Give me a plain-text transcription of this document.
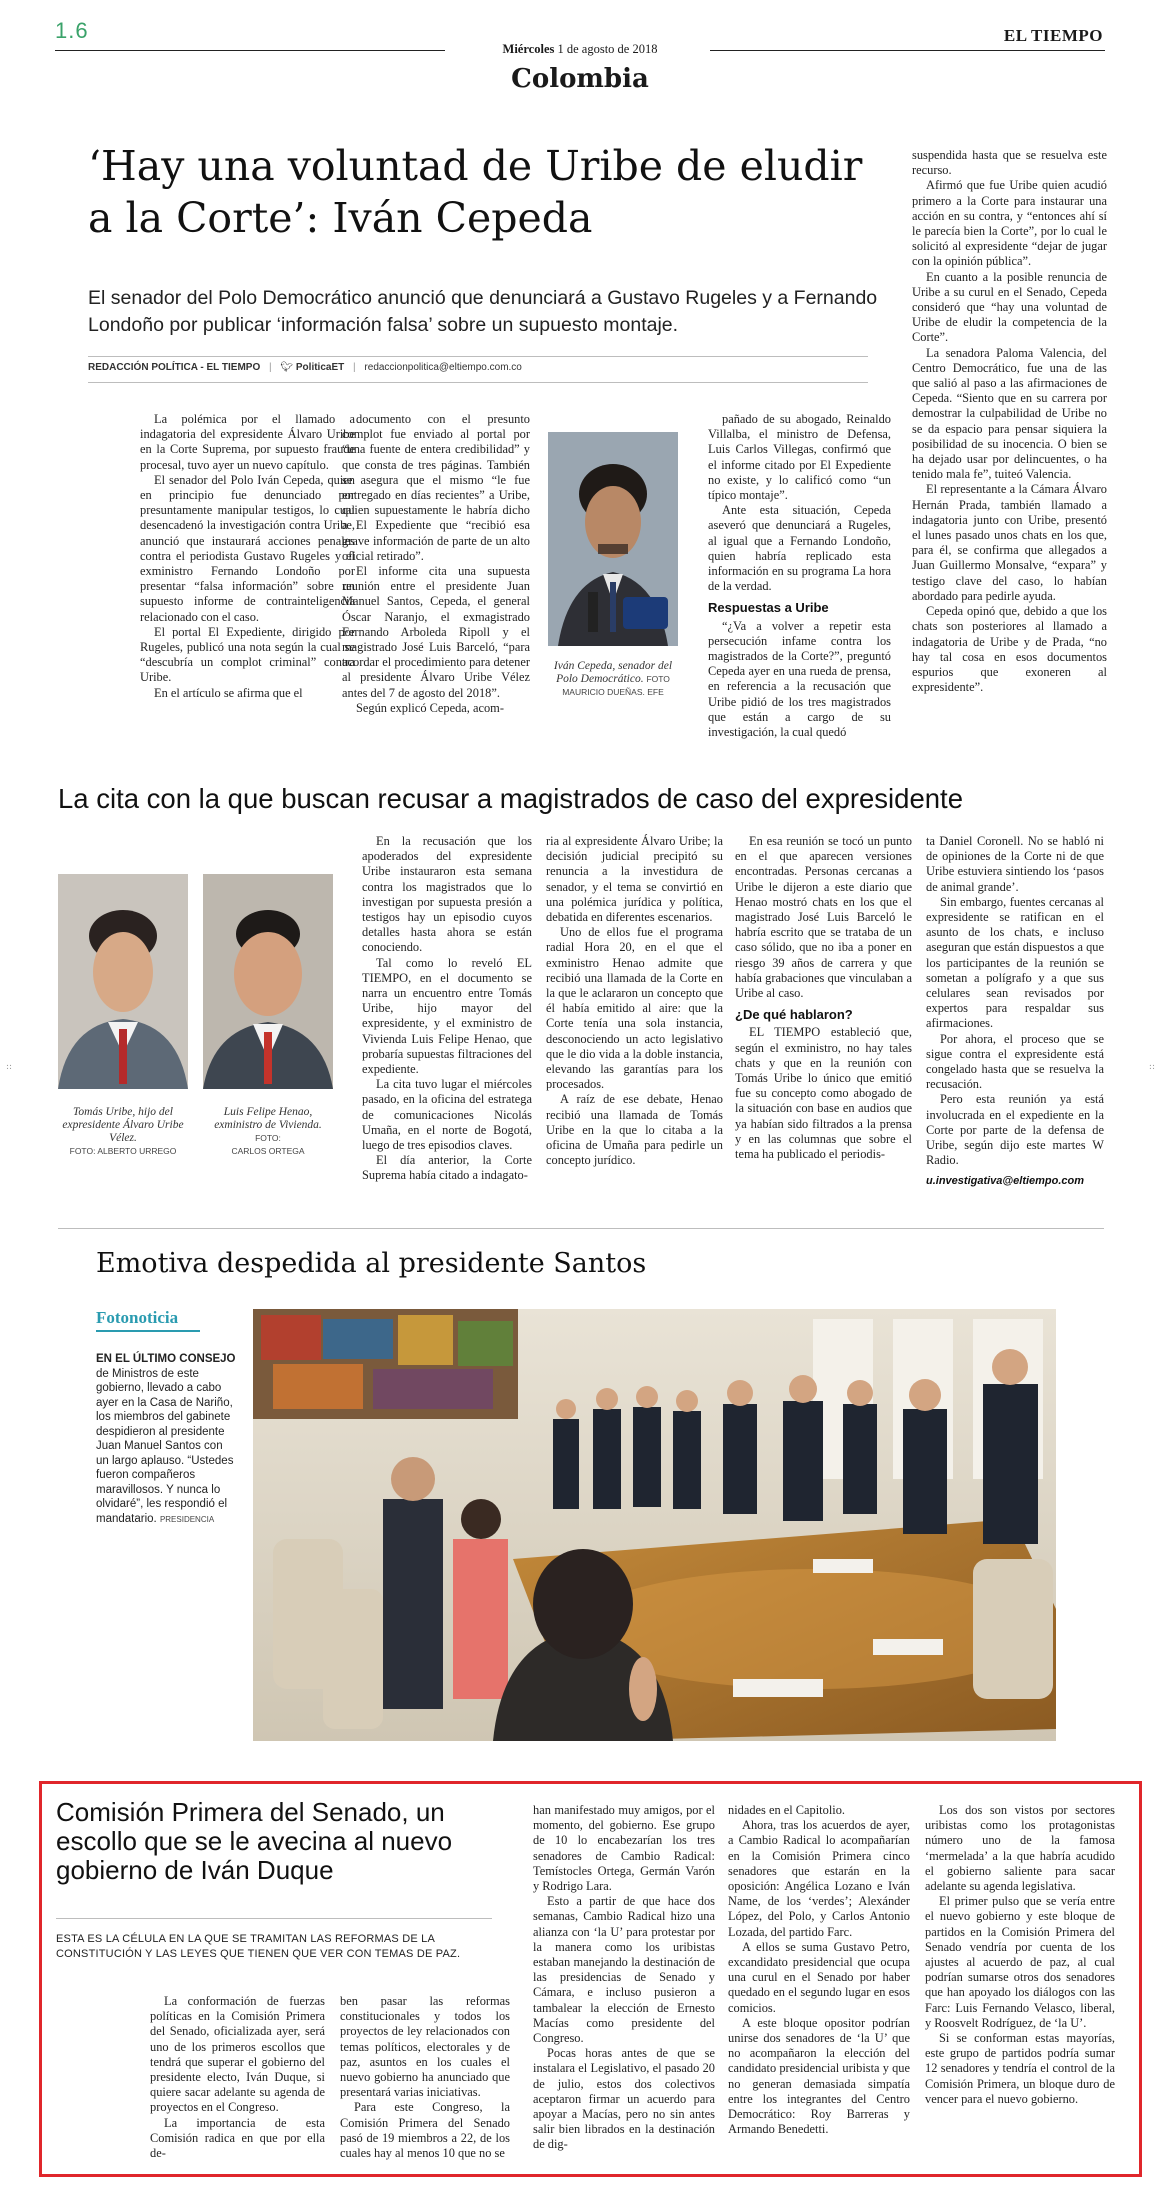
1.6
Miércoles 1 de agosto de 2018
EL TIEMPO
Colombia
‘Hay una voluntad de Uribe de eludir a la Corte’: Iván Cepeda
El senador del Polo Democrático anunció que denunciará a Gustavo Rugeles y a Fernando Londoño por publicar ‘información falsa’ sobre un supuesto montaje.
REDACCIÓN POLÍTICA - EL TIEMPO | 🐦︎ PoliticaET | redaccionpolitica@eltiempo.com.co

La polémica por el llamado a indagatoria del expresidente Álvaro Uribe en la Corte Suprema, por supuesto fraude procesal, tuvo ayer un nuevo capítulo.

El senador del Polo Iván Cepeda, quien en principio fue denunciado por presuntamente manipular testigos, lo cual desencadenó la investigación contra Uribe, anunció que instaurará acciones penales contra el periodista Gustavo Rugeles y el exministro Fernando Londoño por presentar “falsa información” sobre un supuesto informe de contrainteligencia relacionado con el caso.

El portal El Expediente, dirigido por Rugeles, publicó una nota según la cual se “descubría un complot criminal” contra Uribe.

En el artículo se afirma que el

documento con el presunto complot fue enviado al portal por “una fuente de entera credibilidad” y que consta de tres páginas. También se asegura que el mismo “le fue entregado en días recientes” a Uribe, quien supuestamente le habría dicho a El Expediente que “recibió esa grave información de parte de un alto oficial retirado”.

El informe cita una supuesta reunión entre el presidente Juan Manuel Santos, Cepeda, el general Óscar Naranjo, el exmagistrado Fernando Arboleda Ripoll y el magistrado José Luis Barceló, “para acordar el procedimiento para detener al presidente Álvaro Uribe Vélez antes del 7 de agosto del 2018”.

Según explicó Cepeda, acom-

Iván Cepeda, senador del Polo Democrático. FOTO
MAURICIO DUEÑAS. EFE

pañado de su abogado, Reinaldo Villalba, el ministro de Defensa, Luis Carlos Villegas, confirmó que el informe citado por El Expediente no existe, y lo calificó como “un típico montaje”.

Ante esta situación, Cepeda aseveró que denunciará a Rugeles, al igual que a Fernando Londoño, quien habría replicado esta información en su programa La hora de la verdad.

Respuestas a Uribe

“¿Va a volver a repetir esta persecución infame contra los magistrados de la Corte?”, preguntó Cepeda ayer en una rueda de prensa, en referencia a la recusación que Uribe pidió de los tres magistrados que están a cargo de su investigación, la cual quedó

suspendida hasta que se resuelva este recurso.

Afirmó que fue Uribe quien acudió primero a la Corte para instaurar una acción en su contra, y “entonces ahí sí le parecía bien la Corte”, por lo cual le solicitó al expresidente “dejar de jugar con la opinión pública”.

En cuanto a la posible renuncia de Uribe a su curul en el Senado, Cepeda consideró que “hay una voluntad de Uribe de eludir la competencia de la Corte”.

La senadora Paloma Valencia, del Centro Democrático, fue una de las que salió al paso a las afirmaciones de Cepeda. “Siento que en su carrera por demostrar la culpabilidad de Uribe no se da espacio para pensar siquiera la posibilidad de su inocencia. O bien se ha dejado usar por delincuentes, o ha tenido mala fe”, tuiteó Valencia.

El representante a la Cámara Álvaro Hernán Prada, también llamado a indagatoria junto con Uribe, presentó el lunes pasado unos chats en los que, para él, se confirma que allegados a Juan Guillermo Monsalve, “expara” y testigo clave del caso, lo habían abordado para pedirle ayuda.

Cepeda opinó que, debido a que los chats son posteriores al llamado a indagatoria de Uribe y de Prada, “no hay tal cosa en esos documentos espurios que exoneren al expresidente”.

La cita con la que buscan recusar a magistrados de caso del expresidente
Tomás Uribe, hijo del expresidente Álvaro Uribe Vélez.
FOTO: ALBERTO URREGO
Luis Felipe Henao, exministro de Vivienda. FOTO:
CARLOS ORTEGA

En la recusación que los apoderados del expresidente Uribe instauraron esta semana contra los magistrados que lo investigan por supuesta presión a testigos hay un episodio cuyos detalles hasta ahora se están conociendo.

Tal como lo reveló EL TIEMPO, en el documento se narra un encuentro entre Tomás Uribe, hijo mayor del expresidente, y el exministro de Vivienda Luis Felipe Henao, que probaría supuestas filtraciones del expediente.

La cita tuvo lugar el miércoles pasado, en la oficina del estratega de comunicaciones Nicolás Umaña, en el norte de Bogotá, luego de tres episodios claves.

El día anterior, la Corte Suprema había citado a indagato-

ria al expresidente Álvaro Uribe; la decisión judicial precipitó su renuncia a la investidura de senador, y el tema se convirtió en una polémica jurídica y política, debatida en diferentes escenarios.

Uno de ellos fue el programa radial Hora 20, en el que el exministro Henao admite que recibió una llamada de la Corte en la que le aclararon un concepto que él había emitido al aire: que la Corte tenía una sola instancia, desconociendo un acto legislativo que le dio vida a la doble instancia, elevando las garantías para los procesados.

A raíz de ese debate, Henao recibió una llamada de Tomás Uribe en la que lo citaba a la oficina de Umaña para pedirle un concepto jurídico.

En esa reunión se tocó un punto en el que aparecen versiones encontradas. Personas cercanas a Uribe le dijeron a este diario que Henao mostró chats en los que el magistrado José Luis Barceló le habría escrito que se trataba de un caso sólido, que no iba a poner en riesgo 39 años de carrera y que había grabaciones que vinculaban a Uribe al caso.

¿De qué hablaron?

EL TIEMPO estableció que, según el exministro, no hay tales chats y que en la reunión con Tomás Uribe lo único que emitió fue su concepto como abogado de la situación con base en audios que ya habían sido filtrados a la prensa y en las columnas que sobre el tema ha publicado el periodis-

ta Daniel Coronell. No se habló ni de opiniones de la Corte ni de que Uribe estuviera sintiendo los ‘pasos de animal grande’.

Sin embargo, fuentes cercanas al expresidente se ratifican en el asunto de los chats, e incluso aseguran que están dispuestos a que los participantes de la reunión se sometan a polígrafo y a que sus celulares sean revisados por expertos para respaldar sus afirmaciones.

Por ahora, el proceso que se sigue contra el expresidente está congelado hasta que se resuelva la recusación.

Pero esta reunión ya está involucrada en el expediente en la Corte por parte de la defensa de Uribe, según dijo este martes W Radio.

u.investigativa@eltiempo.com
::	::
Emotiva despedida al presidente Santos
Fotonoticia
EN EL ÚLTIMO CONSEJO de Ministros de este gobierno, llevado a cabo ayer en la Casa de Nariño, los miembros del gabinete despidieron al presidente Juan Manuel Santos con un largo aplauso. “Ustedes fueron compañeros maravillosos. Y nunca lo olvidaré”, les respondió el mandatario. PRESIDENCIA
Comisión Primera del Senado, un escollo que se le avecina al nuevo gobierno de Iván Duque
ESTA ES LA CÉLULA EN LA QUE SE TRAMITAN LAS REFORMAS DE LA CONSTITUCIÓN Y LAS LEYES QUE TIENEN QUE VER CON TEMAS DE PAZ.

La conformación de fuerzas políticas en la Comisión Primera del Senado, oficializada ayer, será uno de los primeros escollos que tendrá que superar el gobierno del presidente electo, Iván Duque, si quiere sacar adelante su agenda de proyectos en el Congreso.

La importancia de esta Comisión radica en que por ella de-

ben pasar las reformas constitucionales y todos los proyectos de ley relacionados con temas políticos, electorales y de paz, asuntos en los cuales el nuevo gobierno ha anunciado que presentará varias iniciativas.

Para este Congreso, la Comisión Primera del Senado pasó de 19 miembros a 22, de los cuales hay al menos 10 que no se

han manifestado muy amigos, por el momento, del gobierno. Ese grupo de 10 lo encabezarían los tres senadores de Cambio Radical: Temístocles Ortega, Germán Varón y Rodrigo Lara.

Esto a partir de que hace dos semanas, Cambio Radical hizo una alianza con ‘la U’ para protestar por la manera como los uribistas estaban manejando la destinación de las presidencias de Senado y Cámara, e incluso pusieron a tambalear la elección de Ernesto Macías como presidente del Congreso.

Pocas horas antes de que se instalara el Legislativo, el pasado 20 de julio, estos dos colectivos aceptaron firmar un acuerdo para apoyar a Macías, pero no sin antes salir bien librados en la destinación de dig-

nidades en el Capitolio.

Ahora, tras los acuerdos de ayer, a Cambio Radical lo acompañarían en la Comisión Primera cinco senadores que estarán en la oposición: Angélica Lozano e Iván Name, de los ‘verdes’; Alexánder López, del Polo, y Carlos Antonio Lozada, del partido Farc.

A ellos se suma Gustavo Petro, excandidato presidencial que ocupa una curul en el Senado por haber quedado en el segundo lugar en esos comicios.

A este bloque opositor podrían unirse dos senadores de ‘la U’ que no acompañaron la elección del candidato presidencial uribista y que no generan demasiada simpatía entre los integrantes del Centro Democrático: Roy Barreras y Armando Benedetti.

Los dos son vistos por sectores uribistas como los protagonistas número uno de la famosa ‘mermelada’ a la que habría acudido el gobierno saliente para sacar adelante su agenda legislativa.

El primer pulso que se vería entre el nuevo gobierno y este bloque de partidos en la Comisión Primera del Senado vendría por cuenta de los ajustes al acuerdo de paz, al cual podrían sumarse otros dos senadores que han apoyado los diálogos con las Farc: Luis Fernando Velasco, liberal, y Roosvelt Rodríguez, de ‘la U’.

Si se conforman estas mayorías, este grupo de partidos podría sumar 12 senadores y tendría el control de la Comisión Primera, un bloque duro de vencer para el nuevo gobierno.
